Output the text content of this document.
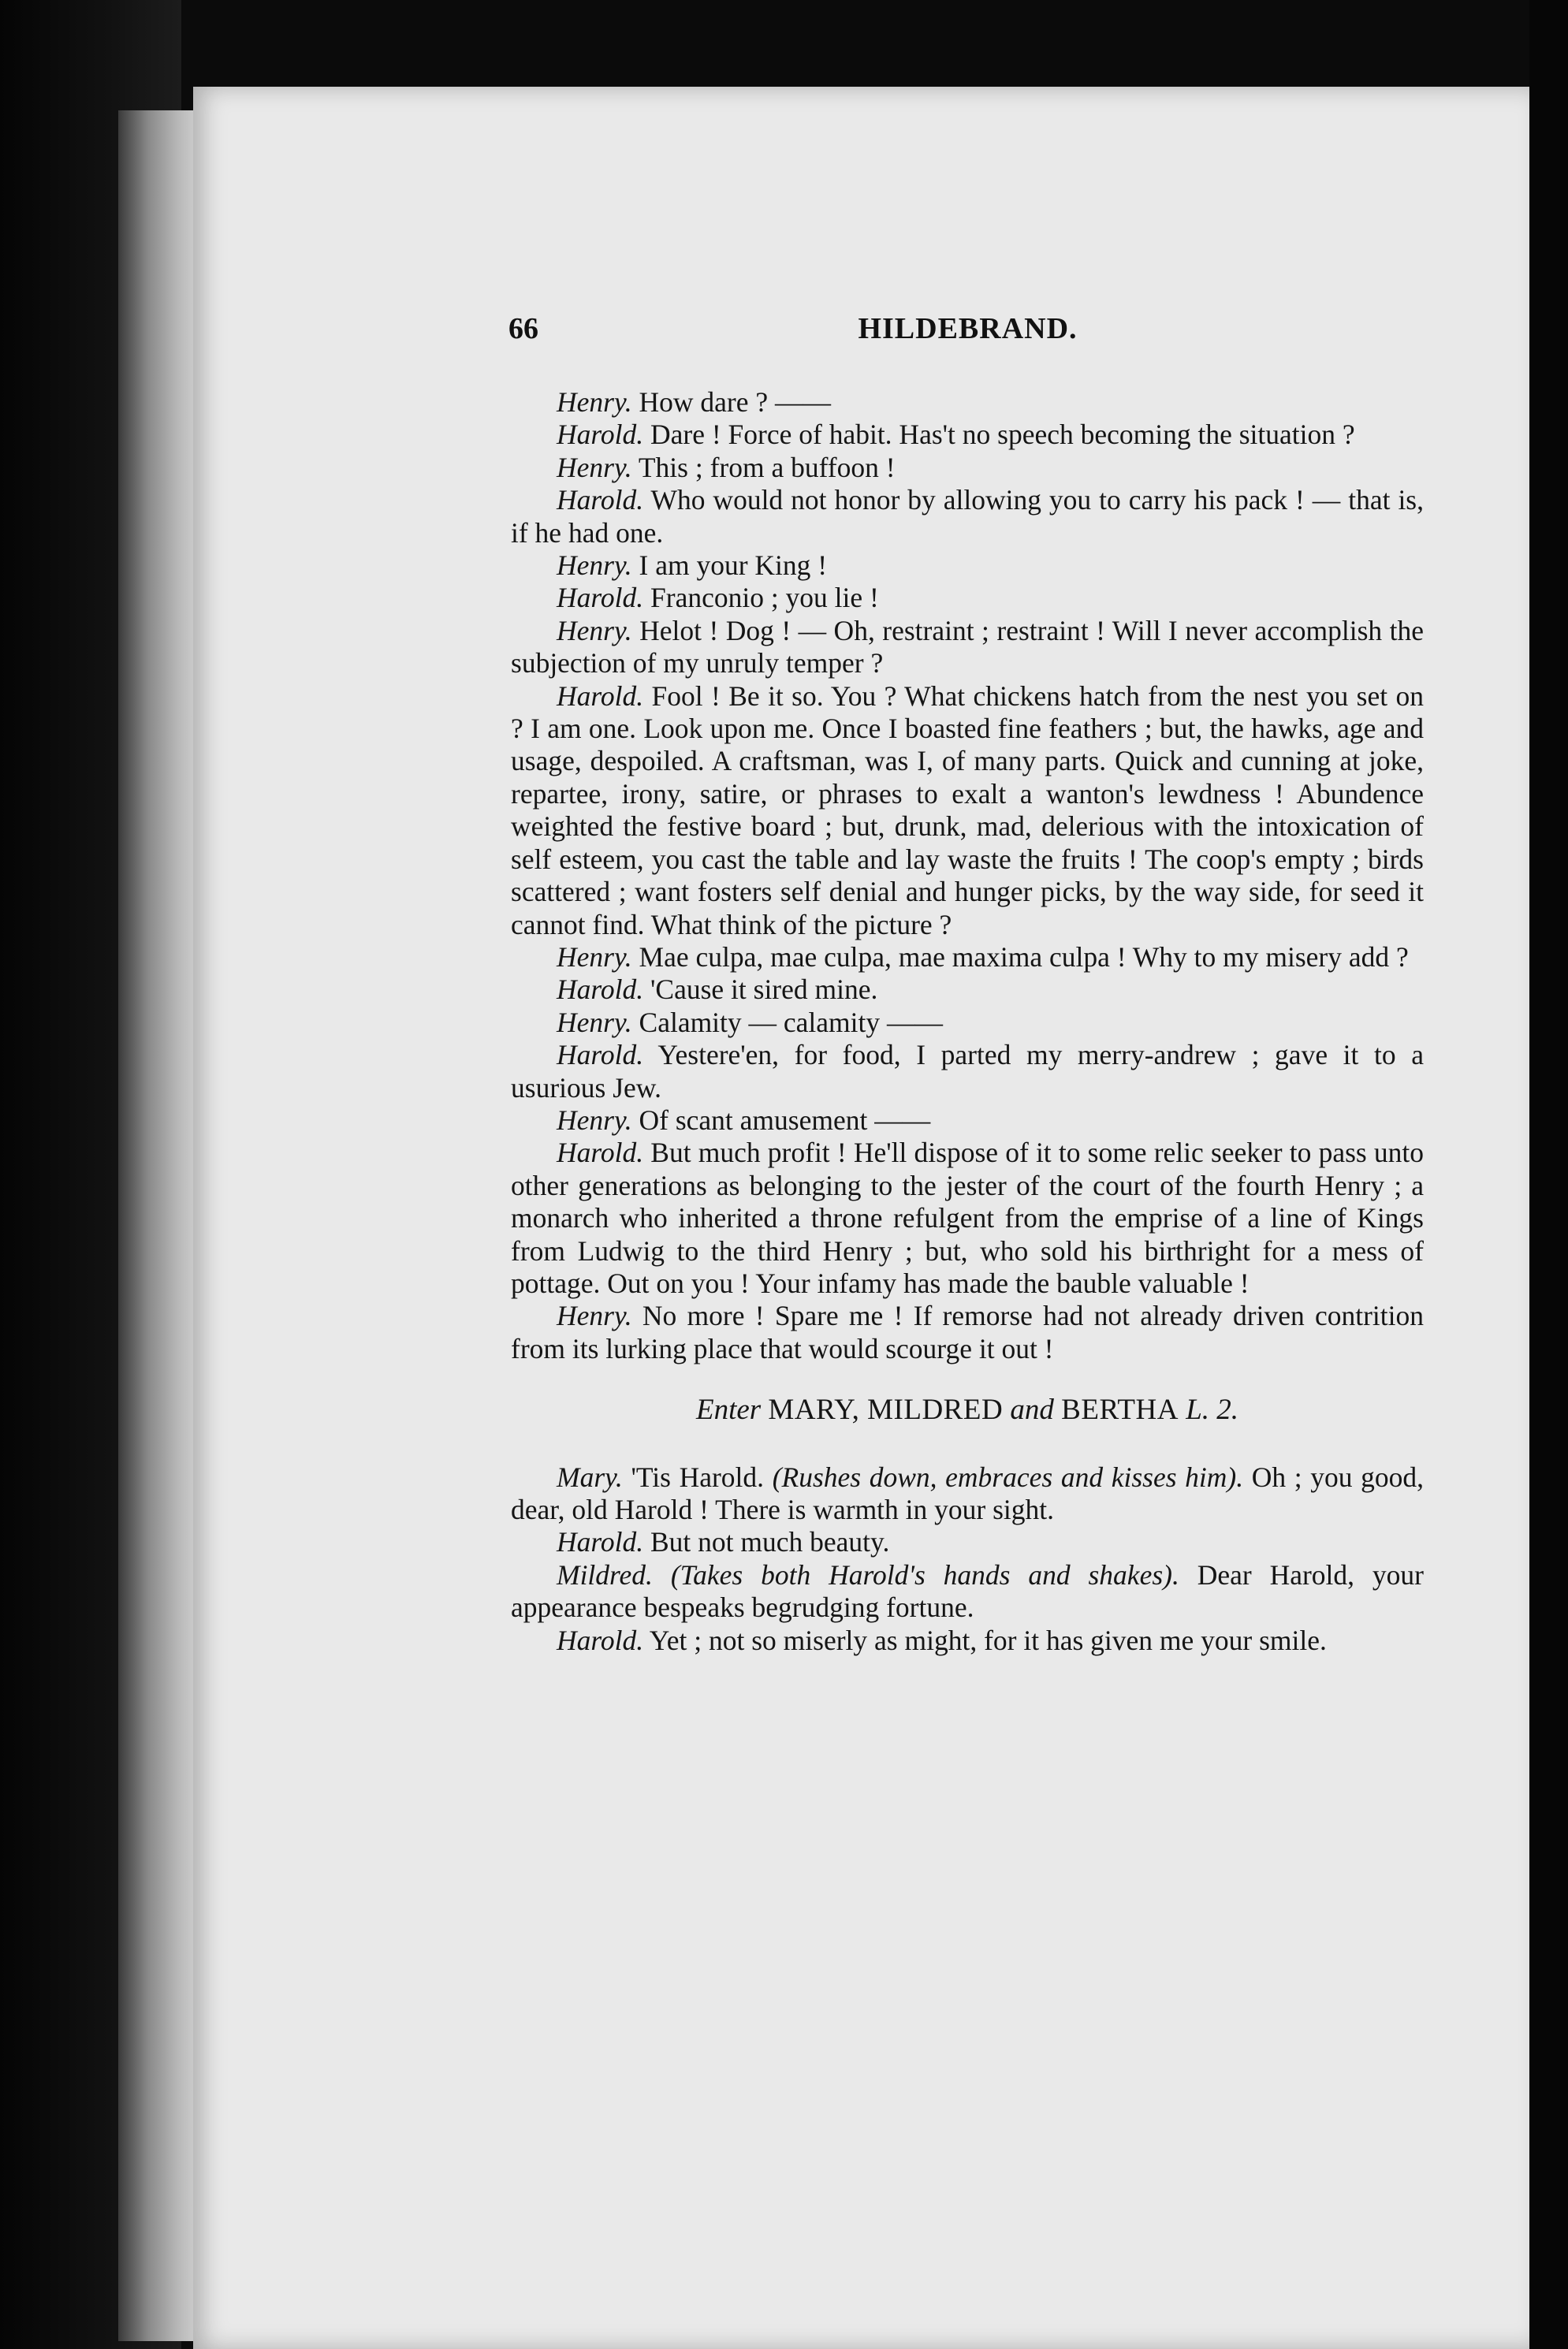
66	HILDEBRAND.

Henry. How dare ? ——

Harold. Dare ! Force of habit. Has't no speech becoming the situation ?

Henry. This ; from a buffoon !

Harold. Who would not honor by allowing you to carry his pack ! — that is, if he had one.

Henry. I am your King !

Harold. Franconio ; you lie !

Henry. Helot ! Dog ! — Oh, restraint ; restraint ! Will I never accomplish the subjection of my unruly temper ?

Harold. Fool ! Be it so. You ? What chickens hatch from the nest you set on ? I am one. Look upon me. Once I boasted fine feathers ; but, the hawks, age and usage, despoiled. A craftsman, was I, of many parts. Quick and cunning at joke, repartee, irony, satire, or phrases to exalt a wanton's lewdness ! Abundence weighted the festive board ; but, drunk, mad, delerious with the intoxication of self esteem, you cast the table and lay waste the fruits ! The coop's empty ; birds scattered ; want fosters self denial and hunger picks, by the way side, for seed it cannot find. What think of the picture ?

Henry. Mae culpa, mae culpa, mae maxima culpa ! Why to my misery add ?

Harold. 'Cause it sired mine.

Henry. Calamity — calamity ——

Harold. Yestere'en, for food, I parted my merry-andrew ; gave it to a usurious Jew.

Henry. Of scant amusement ——

Harold. But much profit ! He'll dispose of it to some relic seeker to pass unto other generations as belonging to the jester of the court of the fourth Henry ; a monarch who inherited a throne refulgent from the emprise of a line of Kings from Ludwig to the third Henry ; but, who sold his birthright for a mess of pottage. Out on you ! Your infamy has made the bauble valuable !

Henry. No more ! Spare me ! If remorse had not already driven contrition from its lurking place that would scourge it out !

Enter MARY, MILDRED and BERTHA L. 2.

Mary. 'Tis Harold. (Rushes down, embraces and kisses him). Oh ; you good, dear, old Harold ! There is warmth in your sight.

Harold. But not much beauty.

Mildred. (Takes both Harold's hands and shakes). Dear Harold, your appearance bespeaks begrudging fortune.

Harold. Yet ; not so miserly as might, for it has given me your smile.
